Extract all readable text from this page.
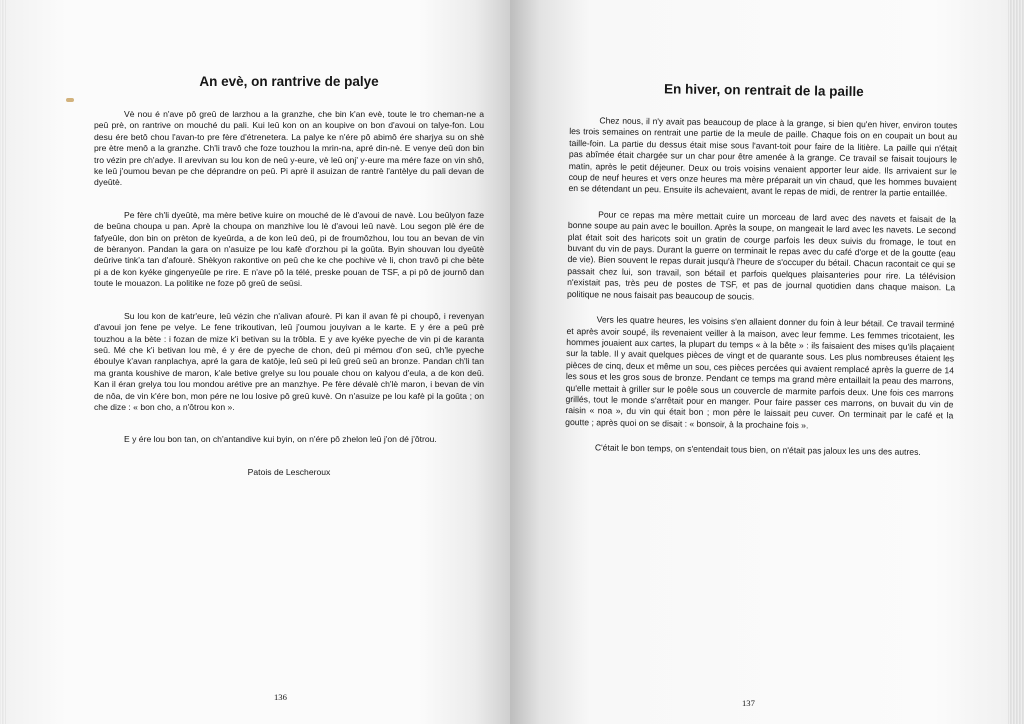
An evè, on rantrive de palye

Vè nou é n'ave pô greû de larzhou a la granzhe, che bin k'an evè, toute le tro cheman-ne a peû prè, on rantrive on mouché du pali. Kui leû kon on an koupive on bon d'avoui on talye-fon. Lou desu ére betô chou l'avan-to pre fère d'étrenetera. La palye ke n'ére pô abimô ére sharjya su on shè pre ètre menô a la granzhe. Ch'li travô che foze touzhou la mrin-na, apré din-nè. E venye deû don bin tro vézin pre ch'adye. Il arevivan su lou kon de neû y-eure, vè leû onj' y-eure ma mére faze on vin shô, ke leû j'oumou bevan pe che déprandre on peû. Pi aprè il asuizan de rantrè l'antèlye du pali devan de dyeûtè.

Pe fère ch'li dyeûtè, ma mère betive kuire on mouché de lè d'avoui de navè. Lou beûlyon faze de beûna choupa u pan. Aprè la choupa on manzhive lou lè d'avoui leû navè. Lou segon plè ére de fafyeûle, don bin on prèton de kyeûrda, a de kon leû deû, pi de froumôzhou, lou tou an bevan de vin de bèranyon. Pandan la gara on n'asuize pe lou kafè d'orzhou pi la goûta. Byin shouvan lou dyeûtè deûrive tink'a tan d'afourè. Shèkyon rakontive on peû che ke che pochive vè li, chon travô pi che bète pi a de kon kyéke gingenyeûle pe rire. E n'ave pô la télé, preske pouan de TSF, a pi pô de journô dan toute le mouazon. La politike ne foze pô greû de seûsi.

Su lou kon de katr'eure, leû vézin che n'alivan afourè. Pi kan il avan fè pi choupô, i revenyan d'avoui jon fene pe velye. Le fene trikoutivan, leû j'oumou jouyivan a le karte. E y ére a peû prè touzhou a la bète : i fozan de mize k'i betivan su la trôbla. E y ave kyéke pyeche de vin pi de karanta seû. Mé che k'i betivan lou mè, é y ére de pyeche de chon, deû pi mémou d'on seû, ch'le pyeche ébouIye k'avan ranplachya, apré la gara de katôje, leû seû pi leû greû seû an bronze. Pandan ch'li tan ma granta koushive de maron, k'ale betive greIye su lou pouale chou on kalyou d'eula, a de kon deû. Kan il éran grelya tou lou mondou arétive pre an manzhye. Pe fère dévalè ch'lè maron, i bevan de vin de nôa, de vin k'ére bon, mon pére ne lou losive pô greû kuvè. On n'asuize pe lou kafè pi la goûta ; on che dize : « bon cho, a n'ôtrou kon ».

E y ére lou bon tan, on ch'antandive kui byin, on n'ére pô zhelon leû j'on dé j'ôtrou.

Patois de Lescheroux

136
En hiver, on rentrait de la paille

Chez nous, il n'y avait pas beaucoup de place à la grange, si bien qu'en hiver, environ toutes les trois semaines on rentrait une partie de la meule de paille. Chaque fois on en coupait un bout au taille-foin. La partie du dessus était mise sous l'avant-toit pour faire de la litière. La paille qui n'était pas abîmée était chargée sur un char pour être amenée à la grange. Ce travail se faisait toujours le matin, après le petit déjeuner. Deux ou trois voisins venaient apporter leur aide. Ils arrivaient sur le coup de neuf heures et vers onze heures ma mère préparait un vin chaud, que les hommes buvaient en se détendant un peu. Ensuite ils achevaient, avant le repas de midi, de rentrer la partie entaillée.

Pour ce repas ma mère mettait cuire un morceau de lard avec des navets et faisait de la bonne soupe au pain avec le bouillon. Après la soupe, on mangeait le lard avec les navets. Le second plat était soit des haricots soit un gratin de courge parfois les deux suivis du fromage, le tout en buvant du vin de pays. Durant la guerre on terminait le repas avec du café d'orge et de la goutte (eau de vie). Bien souvent le repas durait jusqu'à l'heure de s'occuper du bétail. Chacun racontait ce qui se passait chez lui, son travail, son bétail et parfois quelques plaisanteries pour rire. La télévision n'existait pas, très peu de postes de TSF, et pas de journal quotidien dans chaque maison. La politique ne nous faisait pas beaucoup de soucis.

Vers les quatre heures, les voisins s'en allaient donner du foin à leur bétail. Ce travail terminé et après avoir soupé, ils revenaient veiller à la maison, avec leur femme. Les femmes tricotaient, les hommes jouaient aux cartes, la plupart du temps « à la bête » : ils faisaient des mises qu'ils plaçaient sur la table. Il y avait quelques pièces de vingt et de quarante sous. Les plus nombreuses étaient les pièces de cinq, deux et même un sou, ces pièces percées qui avaient remplacé après la guerre de 14 les sous et les gros sous de bronze. Pendant ce temps ma grand mère entaillait la peau des marrons, qu'elle mettait à griller sur le poêle sous un couvercle de marmite parfois deux. Une fois ces marrons grillés, tout le monde s'arrêtait pour en manger. Pour faire passer ces marrons, on buvait du vin de raisin « noa », du vin qui était bon ; mon père le laissait peu cuver. On terminait par le café et la goutte ; après quoi on se disait : « bonsoir, à la prochaine fois ».

C'était le bon temps, on s'entendait tous bien, on n'était pas jaloux les uns des autres.

137
